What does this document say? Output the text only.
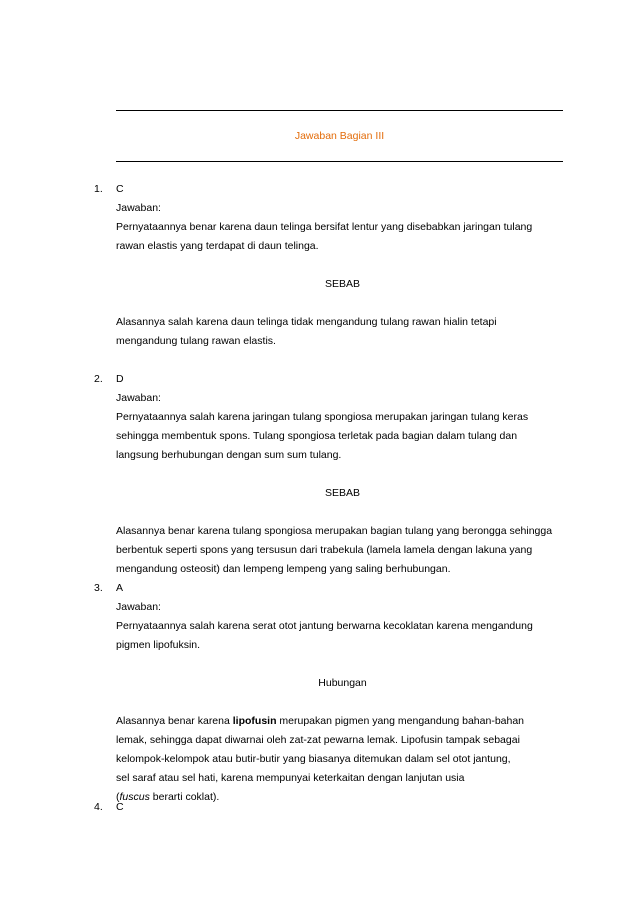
Jawaban Bagian III
1. C
Jawaban:
Pernyataannya benar karena daun telinga bersifat lentur yang disebabkan jaringan tulang
rawan elastis yang terdapat di daun telinga.
SEBAB
Alasannya salah karena daun telinga tidak mengandung tulang rawan hialin tetapi
mengandung tulang rawan elastis.
2. D
Jawaban:
Pernyataannya salah karena jaringan tulang spongiosa merupakan jaringan tulang keras
sehingga membentuk spons. Tulang spongiosa terletak pada bagian dalam tulang dan
langsung berhubungan dengan sum sum tulang.
SEBAB
Alasannya benar karena tulang spongiosa merupakan bagian tulang yang berongga sehingga
berbentuk seperti spons yang tersusun dari trabekula (lamela lamela dengan lakuna yang
mengandung osteosit) dan lempeng lempeng yang saling berhubungan.
3. A
Jawaban:
Pernyataannya salah karena serat otot jantung berwarna kecoklatan karena mengandung
pigmen lipofuksin.
Hubungan
Alasannya benar karena lipofusin merupakan pigmen yang mengandung bahan-bahan
lemak, sehingga dapat diwarnai oleh zat-zat pewarna lemak. Lipofusin tampak sebagai
kelompok-kelompok atau butir-butir yang biasanya ditemukan dalam sel otot jantung,
sel saraf atau sel hati, karena mempunyai keterkaitan dengan lanjutan usia
(fuscus berarti coklat).
4. C
